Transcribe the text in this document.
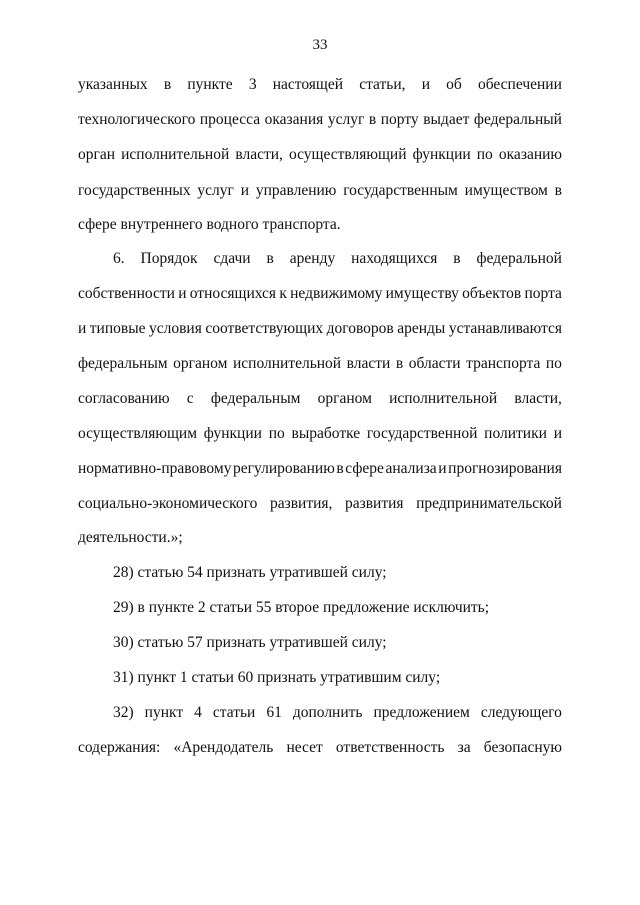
33
указанных в пункте 3 настоящей статьи, и об обеспечении
технологического процесса оказания услуг в порту выдает федеральный
орган исполнительной власти, осуществляющий функции по оказанию
государственных услуг и управлению государственным имуществом в
сфере внутреннего водного транспорта.
6. Порядок сдачи в аренду находящихся в федеральной
собственности и относящихся к недвижимому имуществу объектов порта
и типовые условия соответствующих договоров аренды устанавливаются
федеральным органом исполнительной власти в области транспорта по
согласованию с федеральным органом исполнительной власти,
осуществляющим функции по выработке государственной политики и
нормативно-правовому регулированию в сфере анализа и прогнозирования
социально-экономического развития, развития предпринимательской
деятельности.»;
28) статью 54 признать утратившей силу;
29) в пункте 2 статьи 55 второе предложение исключить;
30) статью 57 признать утратившей силу;
31) пункт 1 статьи 60 признать утратившим силу;
32) пункт 4 статьи 61 дополнить предложением следующего
содержания: «Арендодатель несет ответственность за безопасную
